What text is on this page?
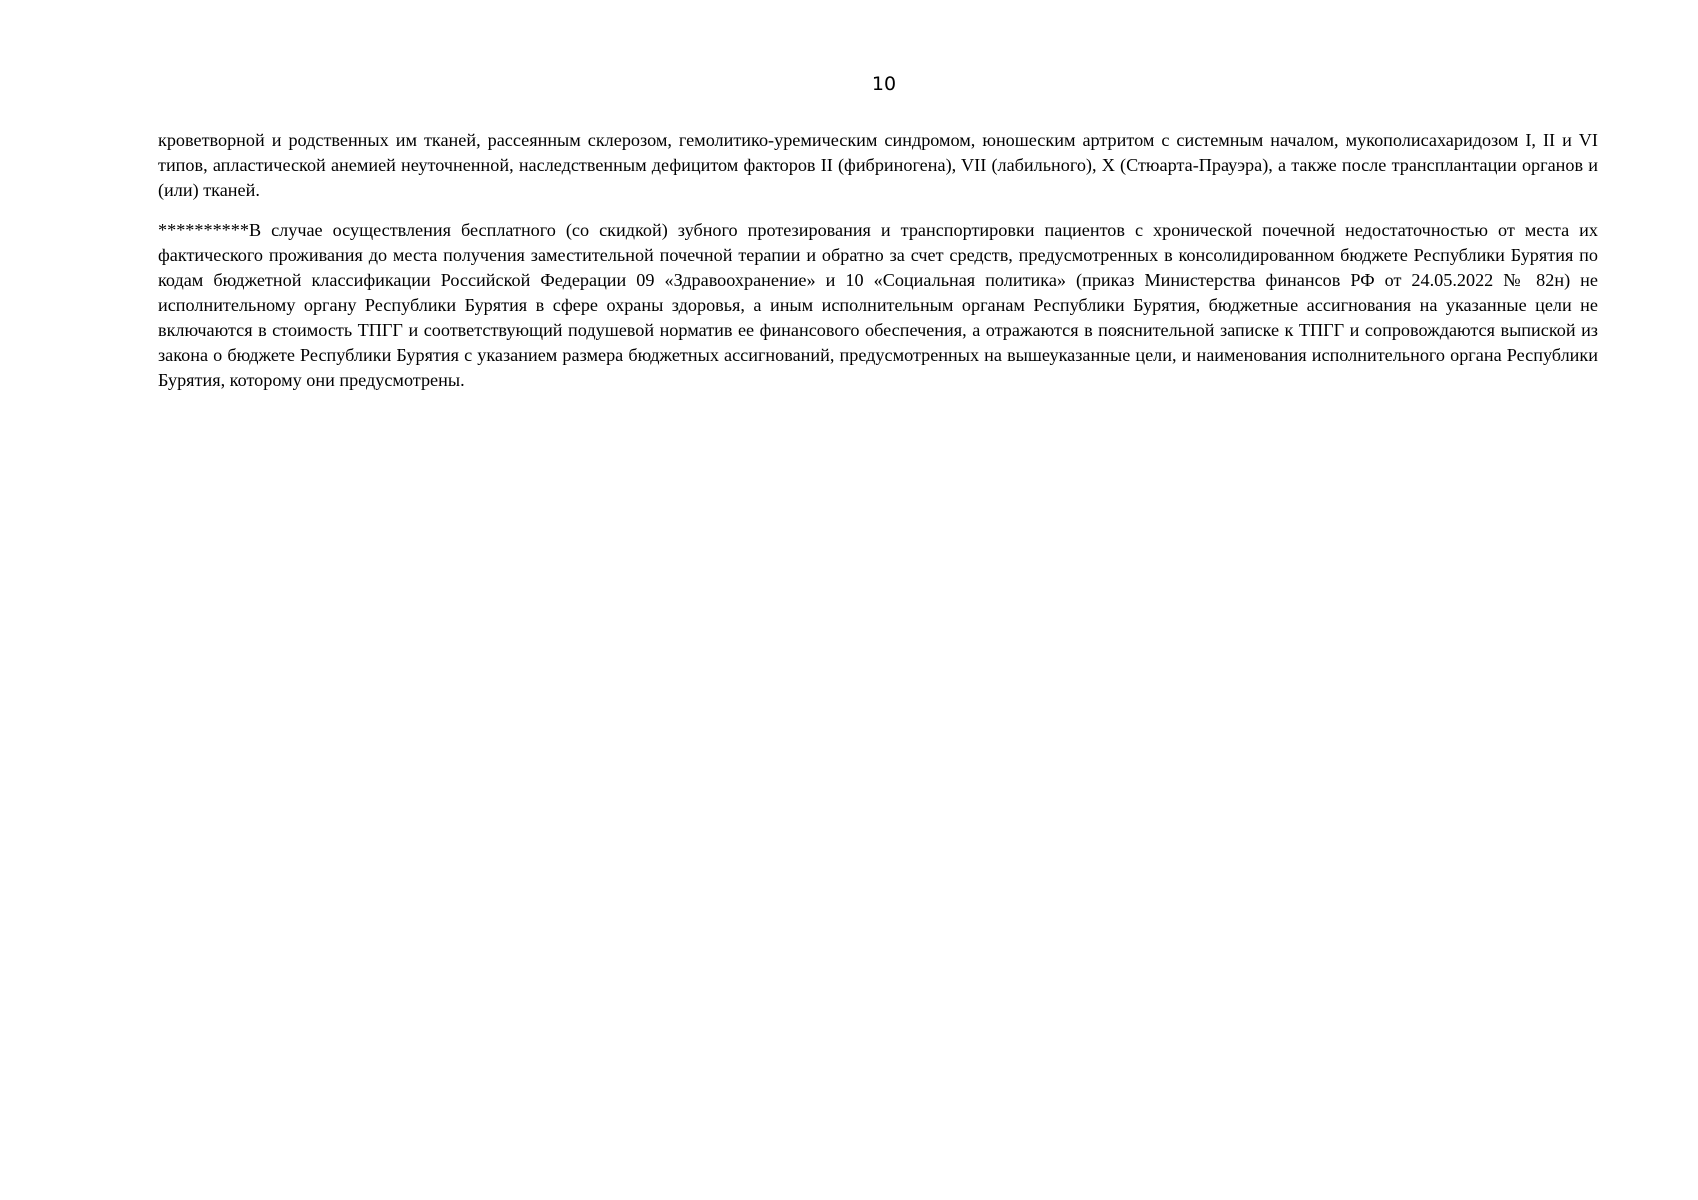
10

кроветворной и родственных им тканей, рассеянным склерозом, гемолитико-уремическим синдромом, юношеским артритом с системным началом, мукополисахаридозом I, II и VI типов, апластической анемией неуточненной, наследственным дефицитом факторов II (фибриногена), VII (лабильного), X (Стюарта-Прауэра), а также после трансплантации органов и (или) тканей.

**********В случае осуществления бесплатного (со скидкой) зубного протезирования и транспортировки пациентов с хронической почечной недостаточностью от места их фактического проживания до места получения заместительной почечной терапии и обратно за счет средств, предусмотренных в консолидированном бюджете Республики Бурятия по кодам бюджетной классификации Российской Федерации 09 «Здравоохранение» и 10 «Социальная политика» (приказ Министерства финансов РФ от 24.05.2022 № 82н) не исполнительному органу Республики Бурятия в сфере охраны здоровья, а иным исполнительным органам Республики Бурятия, бюджетные ассигнования на указанные цели не включаются в стоимость ТПГГ и соответствующий подушевой норматив ее финансового обеспечения, а отражаются в пояснительной записке к ТПГГ и сопровождаются выпиской из закона о бюджете Республики Бурятия с указанием размера бюджетных ассигнований, предусмотренных на вышеуказанные цели, и наименования исполнительного органа Республики Бурятия, которому они предусмотрены.
